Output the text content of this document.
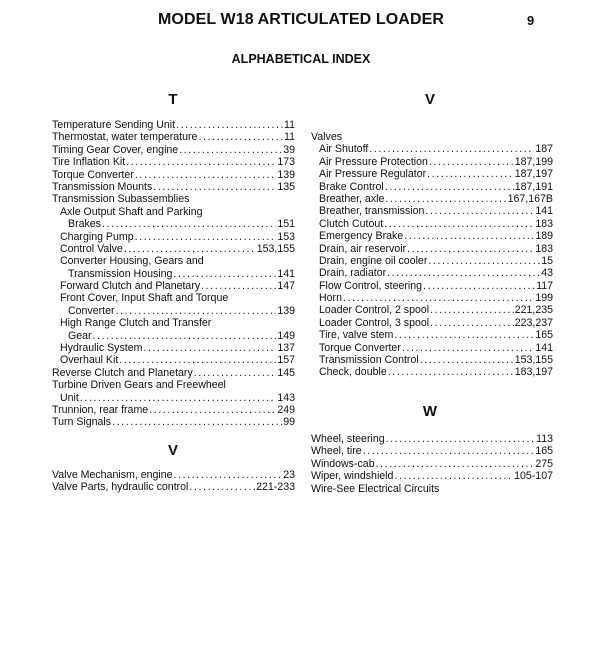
MODEL W18 ARTICULATED LOADER	9
ALPHABETICAL INDEX
T	V
V
W
Temperature Sending Unit .....	11
Thermostat, water temperature .....	11
Timing Gear Cover, engine .....	39
Tire Inflation Kit .....	173
Torque Converter .....	139
Transmission Mounts .....	135
Transmission Subassemblies
Axle Output Shaft and Parking
Brakes .....	151
Charging Pump .....	153
Control Valve .....	153,155
Converter Housing, Gears and
Transmission Housing .....	141
Forward Clutch and Planetary .....	147
Front Cover, Input Shaft and Torque
Converter .....	139
High Range Clutch and Transfer
Gear .....	149
Hydraulic System .....	137
Overhaul Kit .....	157
Reverse Clutch and Planetary .....	145
Turbine Driven Gears and Freewheel
Unit .....	143
Trunnion, rear frame .....	249
Turn Signals .....	99
Valve Mechanism, engine .....	23
Valve Parts, hydraulic control .....	221-233
Valves
Air Shutoff .....	187
Air Pressure Protection .....	187,199
Air Pressure Regulator .....	187,197
Brake Control .....	187,191
Breather, axle .....	167,167B
Breather, transmission .....	141
Clutch Cutout .....	183
Emergency Brake .....	189
Drain, air reservoir .....	183
Drain, engine oil cooler .....	15
Drain, radiator .....	43
Flow Control, steering .....	117
Horn .....	199
Loader Control, 2 spool .....	221,235
Loader Control, 3 spool .....	223,237
Tire, valve stem .....	165
Torque Converter .....	141
Transmission Control .....	153,155
Check, double .....	183,197
Wheel, steering .....	113
Wheel, tire .....	165
Windows-cab .....	275
Wiper, windshield .....	105-107
Wire-See Electrical Circuits
